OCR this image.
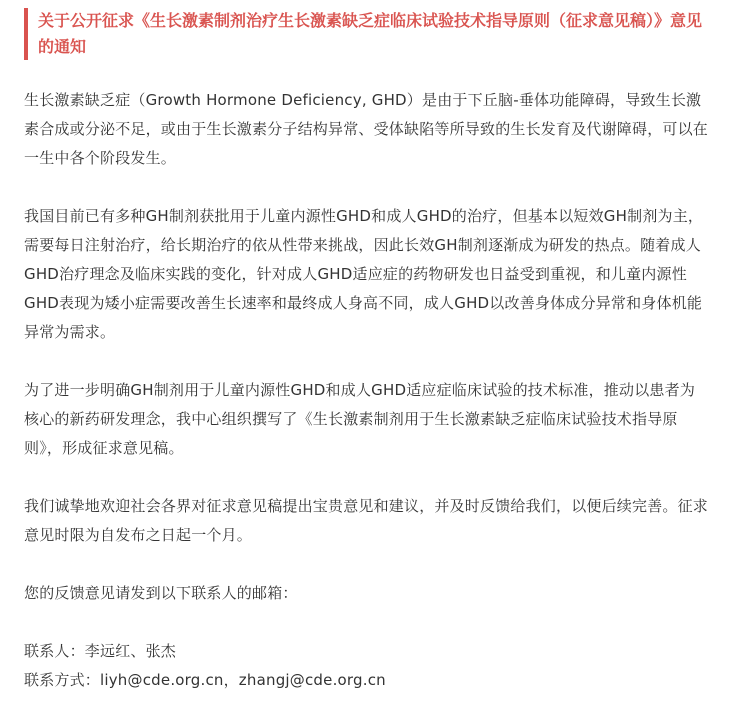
关于公开征求《生长激素制剂治疗生长激素缺乏症临床试验技术指导原则（征求意见稿）》意见的通知

生长激素缺乏症（Growth Hormone Deficiency, GHD）是由于下丘脑-垂体功能障碍，导致生长激素合成或分泌不足，或由于生长激素分子结构异常、受体缺陷等所导致的生长发育及代谢障碍，可以在一生中各个阶段发生。

我国目前已有多种GH制剂获批用于儿童内源性GHD和成人GHD的治疗，但基本以短效GH制剂为主，需要每日注射治疗，给长期治疗的依从性带来挑战，因此长效GH制剂逐渐成为研发的热点。随着成人GHD治疗理念及临床实践的变化，针对成人GHD适应症的药物研发也日益受到重视，和儿童内源性GHD表现为矮小症需要改善生长速率和最终成人身高不同，成人GHD以改善身体成分异常和身体机能异常为需求。

为了进一步明确GH制剂用于儿童内源性GHD和成人GHD适应症临床试验的技术标准，推动以患者为核心的新药研发理念，我中心组织撰写了《生长激素制剂用于生长激素缺乏症临床试验技术指导原则》，形成征求意见稿。

我们诚挚地欢迎社会各界对征求意见稿提出宝贵意见和建议，并及时反馈给我们，以便后续完善。征求意见时限为自发布之日起一个月。

您的反馈意见请发到以下联系人的邮箱：

联系人：李远红、张杰

联系方式：liyh@cde.org.cn，zhangj@cde.org.cn
